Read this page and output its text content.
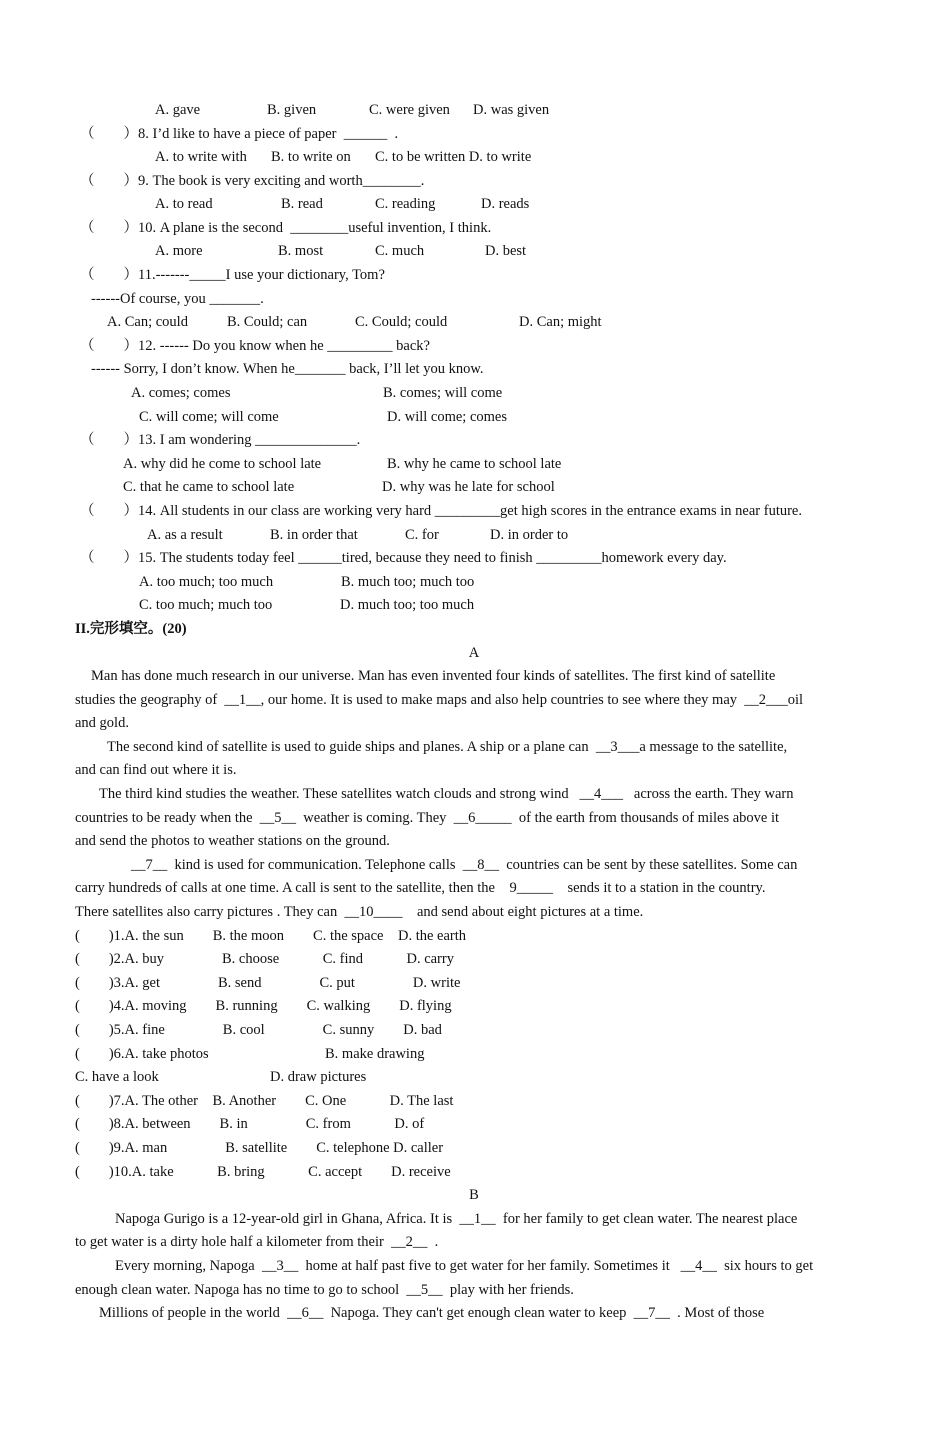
A. gave	B. given	C. were given D. was given
（　　）8. I’d like to have a piece of paper  ______  .
A. to write with B. to write on C. to be written D. to write
（　　）9. The book is very exciting and worth________.
A. to read	B. read	C. reading	D. reads
（　　）10. A plane is the second  ________useful invention, I think.
A. more	B. most	C. much	D. best
（　　）11.-------_____I use your dictionary, Tom?
------Of course, you _______.
A. Can; could	B. Could; can	C. Could; could	D. Can; might
（　　）12. ------ Do you know when he _________ back?
------ Sorry, I don’t know. When he_______ back, I’ll let you know.
A. comes; comes	B. comes; will come
C. will come; will come	D. will come; comes
（　　）13. I am wondering ______________.
A. why did he come to school late	B. why he came to school late
C. that he came to school late	D. why was he late for school
（　　）14. All students in our class are working very hard _________get high scores in the entrance exams in near future.
A. as a result	B. in order that	C. for	D. in order to
（　　）15. The students today feel ______tired, because they need to finish _________homework every day.
A. too much; too much	B. much too; much too
C. too much; much too	D. much too; too much
II.完形填空。(20)
A
Man has done much research in our universe. Man has even invented four kinds of satellites. The first kind of satellite
studies the geography of  __1__, our home. It is used to make maps and also help countries to see where they may  __2___oil
and gold.
The second kind of satellite is used to guide ships and planes. A ship or a plane can  __3___a message to the satellite,
and can find out where it is.
The third kind studies the weather. These satellites watch clouds and strong wind   __4___   across the earth. They warn
countries to be ready when the  __5__  weather is coming. They  __6_____  of the earth from thousands of miles above it
and send the photos to weather stations on the ground.
__7__  kind is used for communication. Telephone calls  __8__  countries can be sent by these satellites. Some can
carry hundreds of calls at one time. A call is sent to the satellite, then the    9_____    sends it to a station in the country.
There satellites also carry pictures . They can  __10____    and send about eight pictures at a time.
(　　)1.A. the sun　　B. the moon　　C. the space　D. the earth
(　　)2.A. buy　　　　B. choose　　　C. find　　　D. carry
(　　)3.A. get　　　　B. send　　　　C. put　　　　D. write
(　　)4.A. moving　　B. running　　C. walking　　D. flying
(　　)5.A. fine　　　　B. cool　　　　C. sunny　　D. bad
(　　)6.A. take photos	B. make drawing
C. have a look	D. draw pictures
(　　)7.A. The other　B. Another　　C. One　　　D. The last
(　　)8.A. between　　B. in　　　　C. from　　　D. of
(　　)9.A. man　　　　B. satellite　　C. telephone D. caller
(　　)10.A. take　　　B. bring　　　C. accept　　D. receive
B
Napoga Gurigo is a 12-year-old girl in Ghana, Africa. It is  __1__  for her family to get clean water. The nearest place
to get water is a dirty hole half a kilometer from their  __2__  .
Every morning, Napoga  __3__  home at half past five to get water for her family. Sometimes it   __4__  six hours to get
enough clean water. Napoga has no time to go to school  __5__  play with her friends.
Millions of people in the world  __6__  Napoga. They can't get enough clean water to keep  __7__  . Most of those
